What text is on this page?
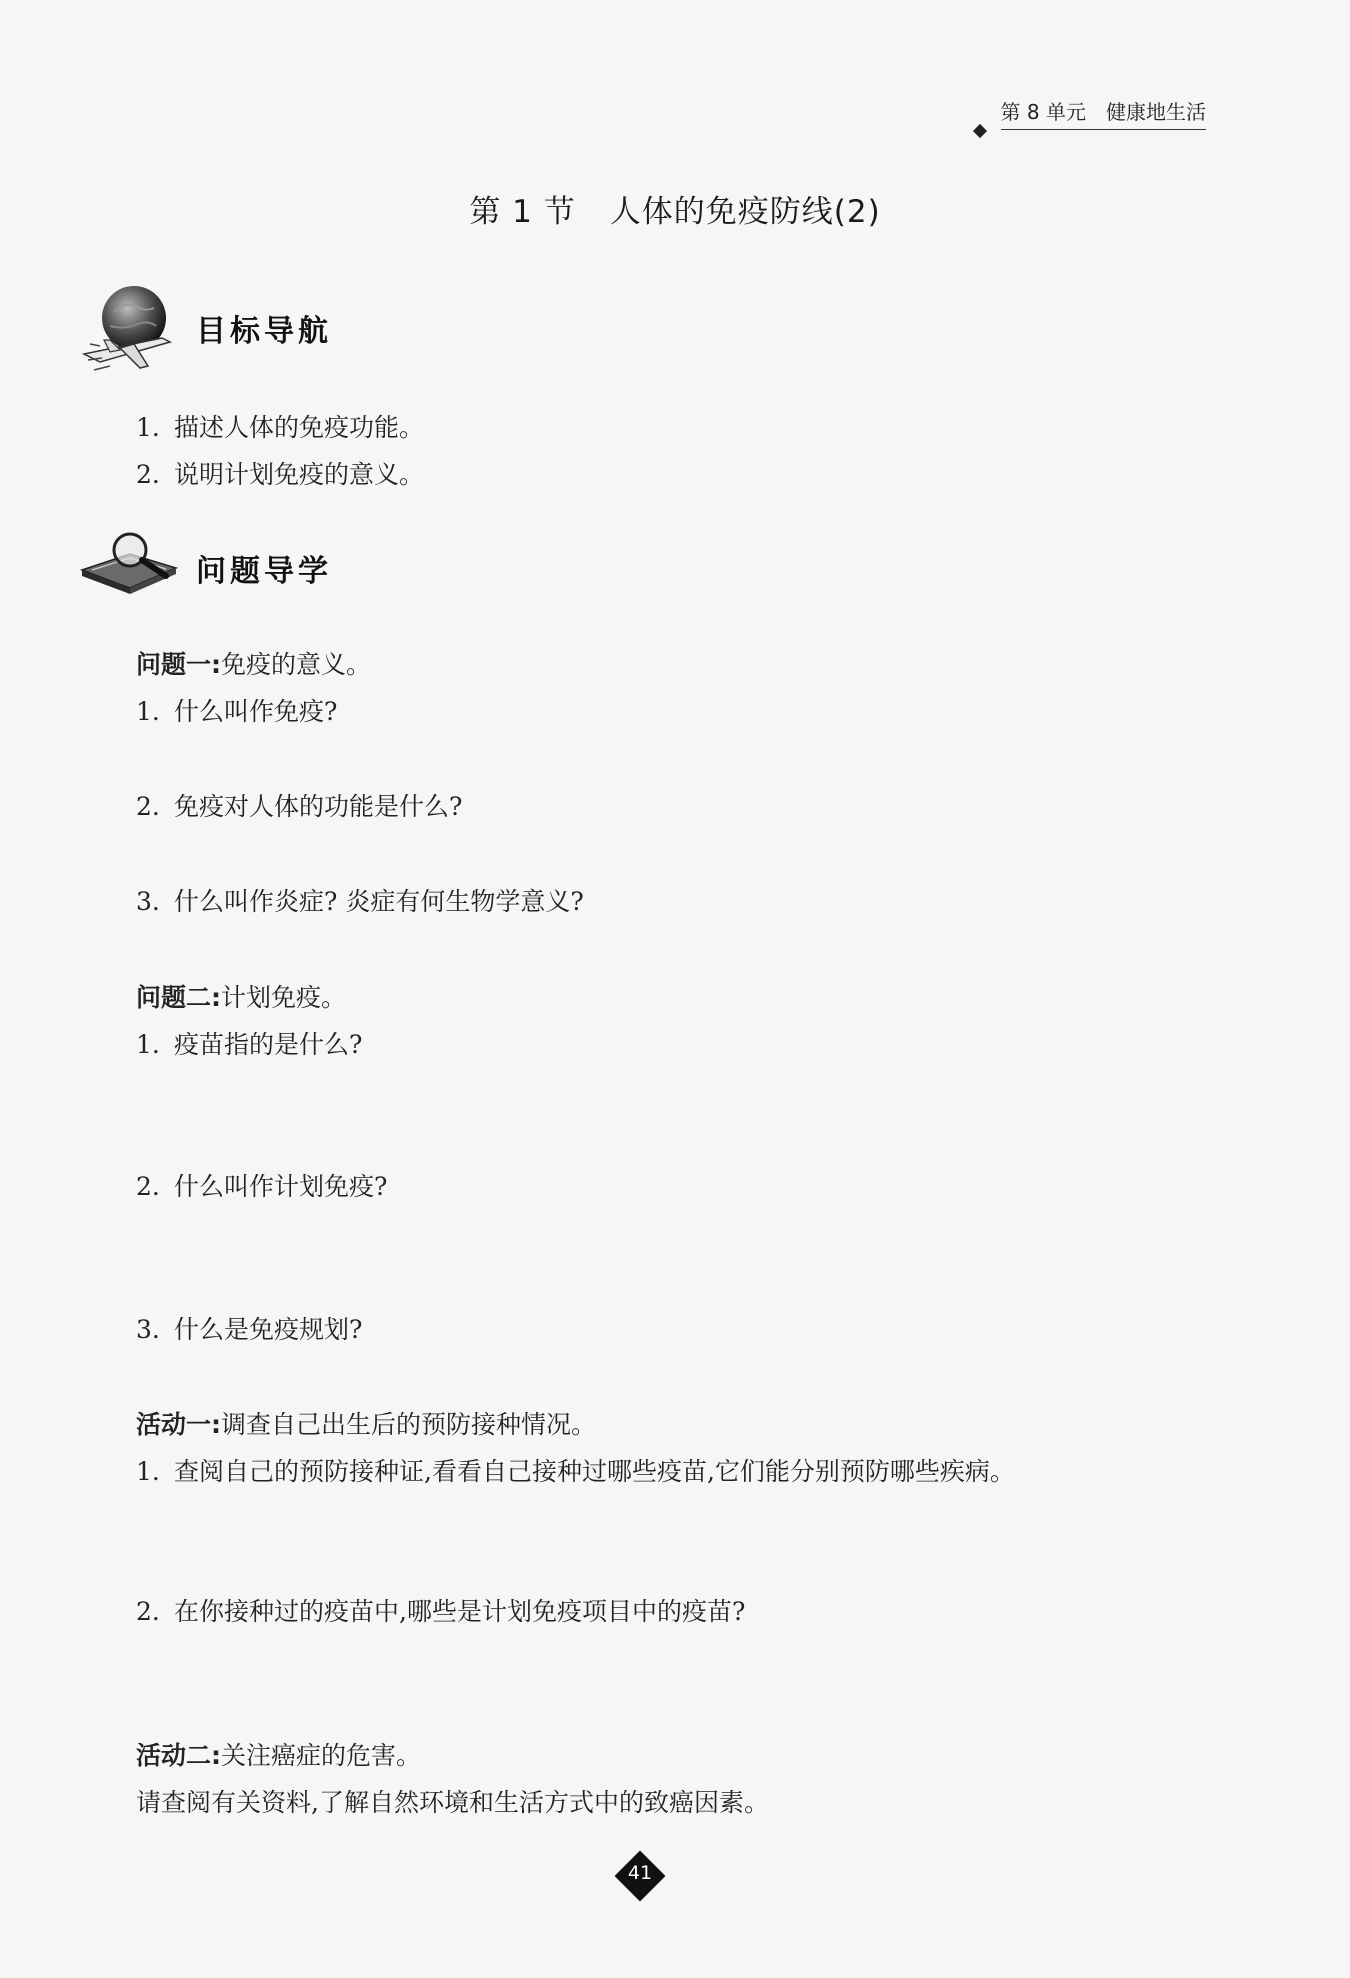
第 8 单元 健康地生活
第 1 节 人体的免疫防线(2)
目标导航
1. 描述人体的免疫功能。
2. 说明计划免疫的意义。
问题导学
问题一:免疫的意义。
1. 什么叫作免疫?
2. 免疫对人体的功能是什么?
3. 什么叫作炎症? 炎症有何生物学意义?
问题二:计划免疫。
1. 疫苗指的是什么?
2. 什么叫作计划免疫?
3. 什么是免疫规划?
活动一:调查自己出生后的预防接种情况。
1. 查阅自己的预防接种证,看看自己接种过哪些疫苗,它们能分别预防哪些疾病。
2. 在你接种过的疫苗中,哪些是计划免疫项目中的疫苗?
活动二:关注癌症的危害。
请查阅有关资料,了解自然环境和生活方式中的致癌因素。
41
